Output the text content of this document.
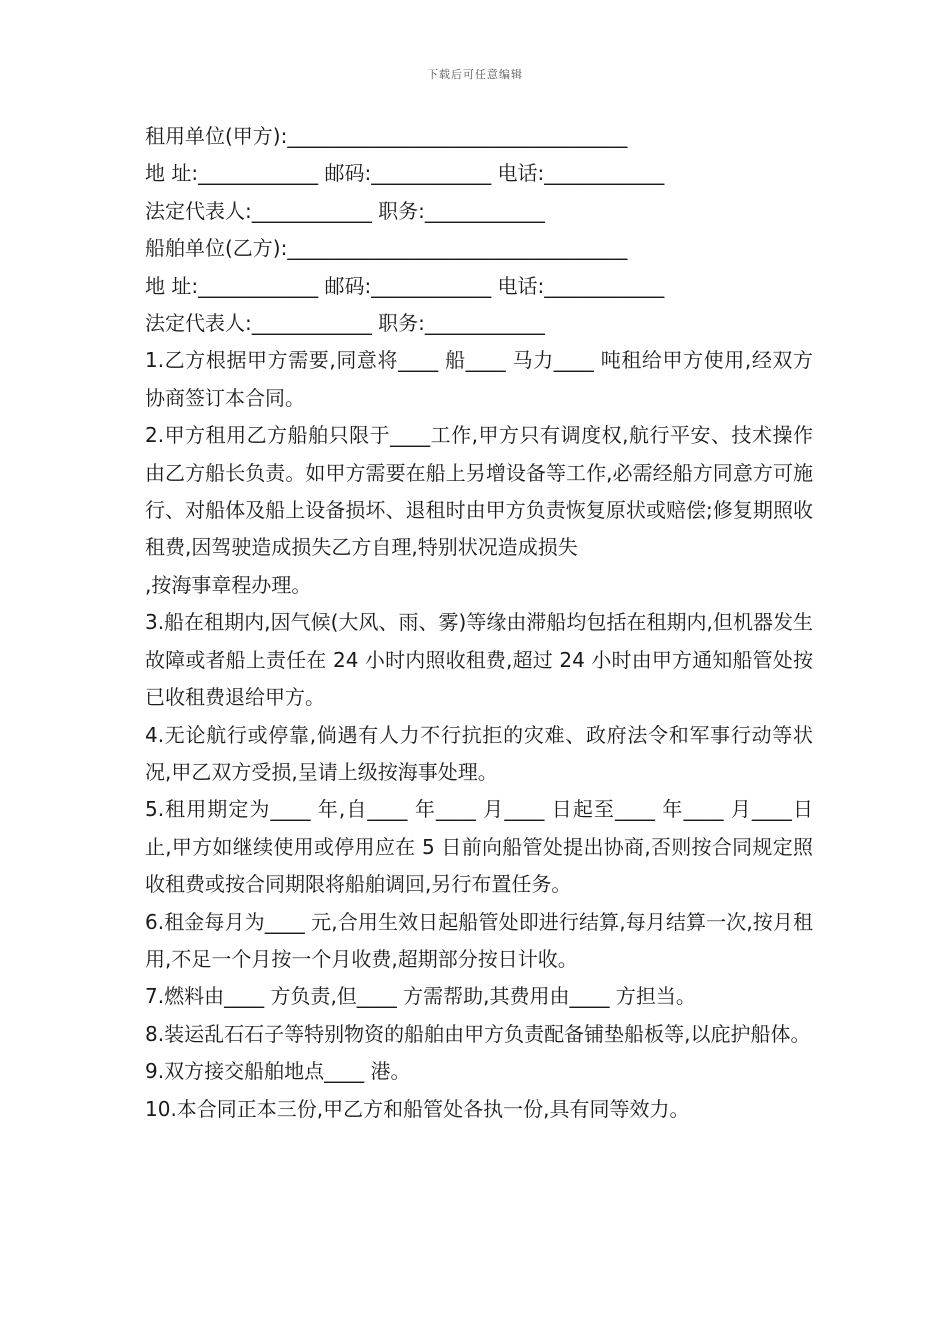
下载后可任意编辑
租用单位(甲方):__________________________________
地 址:____________ 邮码:____________ 电话:____________
法定代表人:____________ 职务:____________
船舶单位(乙方):__________________________________
地 址:____________ 邮码:____________ 电话:____________
法定代表人:____________ 职务:____________
1.乙方根据甲方需要,同意将____ 船____ 马力____ 吨租给甲方使用,经双方协商签订本合同。
2.甲方租用乙方船舶只限于____工作,甲方只有调度权,航行平安、技术操作由乙方船长负责。如甲方需要在船上另增设备等工作,必需经船方同意方可施行、对船体及船上设备损坏、退租时由甲方负责恢复原状或赔偿;修复期照收租费,因驾驶造成损失乙方自理,特别状况造成损失
,按海事章程办理。
3.船在租期内,因气候(大风、雨、雾)等缘由滞船均包括在租期内,但机器发生故障或者船上责任在 24 小时内照收租费,超过 24 小时由甲方通知船管处按已收租费退给甲方。
4.无论航行或停靠,倘遇有人力不行抗拒的灾难、政府法令和军事行动等状况,甲乙双方受损,呈请上级按海事处理。
5.租用期定为____ 年,自____ 年____ 月____ 日起至____ 年____ 月____日止,甲方如继续使用或停用应在 5 日前向船管处提出协商,否则按合同规定照收租费或按合同期限将船舶调回,另行布置任务。
6.租金每月为____ 元,合用生效日起船管处即进行结算,每月结算一次,按月租用,不足一个月按一个月收费,超期部分按日计收。
7.燃料由____ 方负责,但____ 方需帮助,其费用由____ 方担当。
8.装运乱石石子等特别物资的船舶由甲方负责配备铺垫船板等,以庇护船体。
9.双方接交船舶地点____ 港。
10.本合同正本三份,甲乙方和船管处各执一份,具有同等效力。
